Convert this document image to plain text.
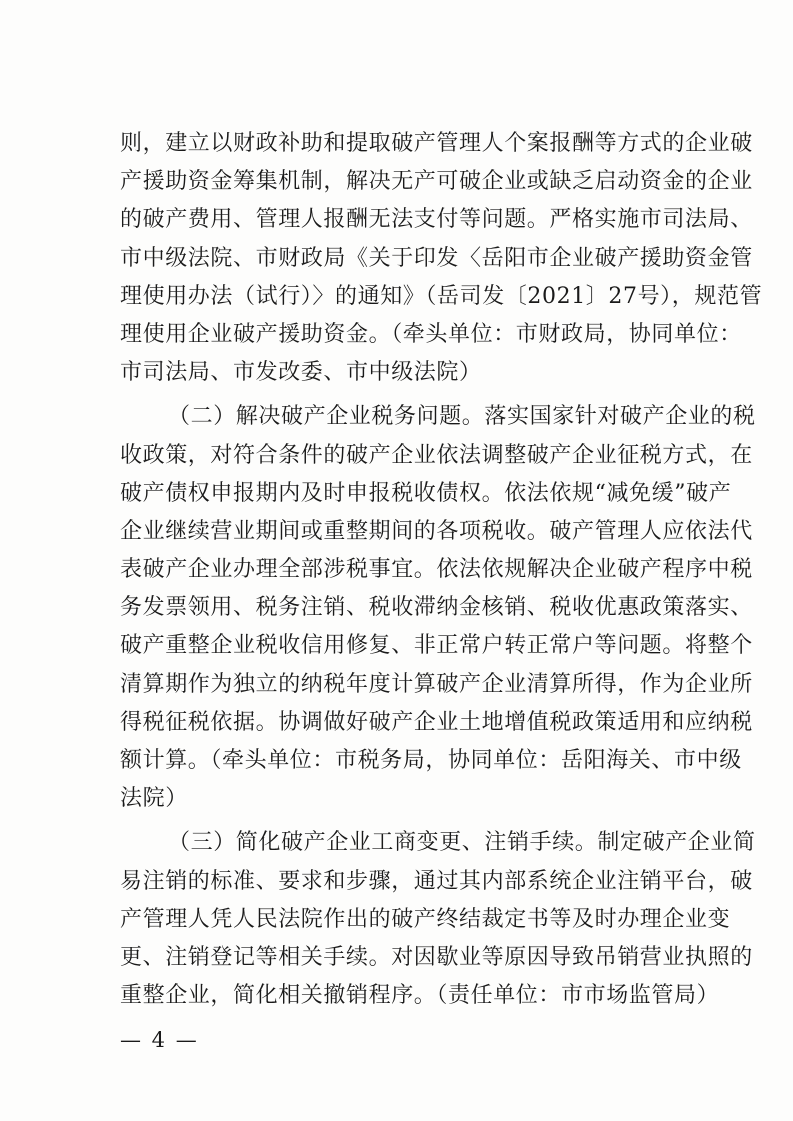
则，建立以财政补助和提取破产管理人个案报酬等方式的企业破
产援助资金筹集机制，解决无产可破企业或缺乏启动资金的企业
的破产费用、管理人报酬无法支付等问题。严格实施市司法局、
市中级法院、市财政局《关于印发〈岳阳市企业破产援助资金管
理使用办法（试行）〉的通知》（岳司发〔2021〕27号），规范管
理使用企业破产援助资金。（牵头单位：市财政局，协同单位：
市司法局、市发改委、市中级法院）
（二）解决破产企业税务问题。落实国家针对破产企业的税
收政策，对符合条件的破产企业依法调整破产企业征税方式，在
破产债权申报期内及时申报税收债权。依法依规“减免缓”破产
企业继续营业期间或重整期间的各项税收。破产管理人应依法代
表破产企业办理全部涉税事宜。依法依规解决企业破产程序中税
务发票领用、税务注销、税收滞纳金核销、税收优惠政策落实、
破产重整企业税收信用修复、非正常户转正常户等问题。将整个
清算期作为独立的纳税年度计算破产企业清算所得，作为企业所
得税征税依据。协调做好破产企业土地增值税政策适用和应纳税
额计算。（牵头单位：市税务局，协同单位：岳阳海关、市中级
法院）
（三）简化破产企业工商变更、注销手续。制定破产企业简
易注销的标准、要求和步骤，通过其内部系统企业注销平台，破
产管理人凭人民法院作出的破产终结裁定书等及时办理企业变
更、注销登记等相关手续。对因歇业等原因导致吊销营业执照的
重整企业，简化相关撤销程序。（责任单位：市市场监管局）
— 4 —
